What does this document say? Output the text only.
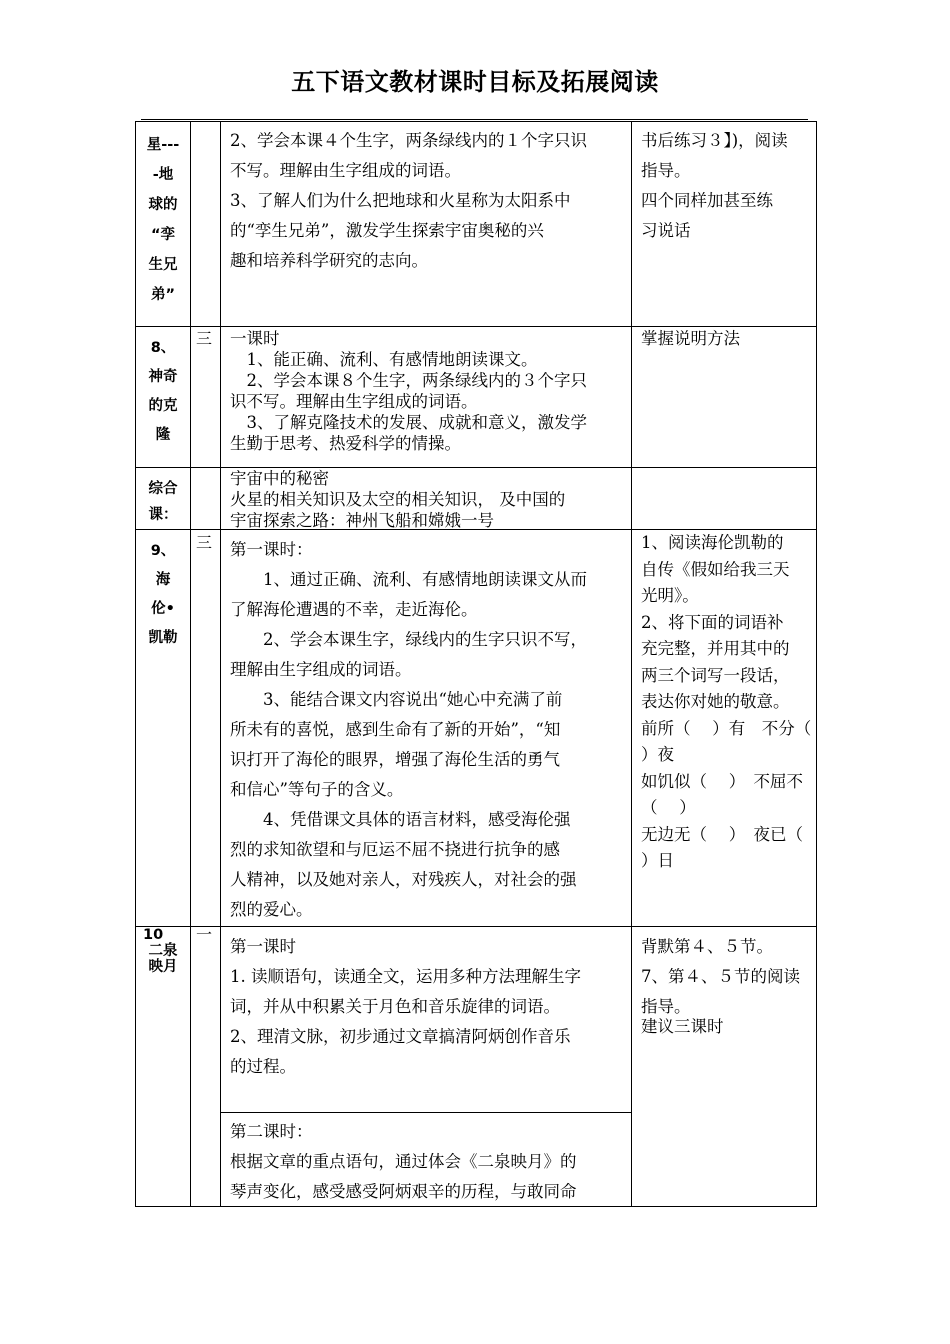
五下语文教材课时目标及拓展阅读
星---
-地
球的
“孪
生兄
弟”
2、学会本课４个生字，两条绿线内的１个字只识
不写。理解由生字组成的词语。
3、了解人们为什么把地球和火星称为太阳系中
的“孪生兄弟”，激发学生探索宇宙奥秘的兴
趣和培养科学研究的志向。
书后练习３】)，阅读
指导。
四个同样加甚至练
习说话
8、
神奇
的克
隆
三 一课时
　1、能正确、流利、有感情地朗读课文。
　2、学会本课８个生字，两条绿线内的３个字只
识不写。理解由生字组成的词语。
　3、了解克隆技术的发展、成就和意义，激发学
生勤于思考、热爱科学的情操。
掌握说明方法
综合
课：
宇宙中的秘密
火星的相关知识及太空的相关知识， 及中国的
宇宙探索之路：神州飞船和嫦娥一号
9、
海
伦•
凯勒
三 第一课时：
　　1、通过正确、流利、有感情地朗读课文从而
了解海伦遭遇的不幸，走近海伦。
　　2、学会本课生字，绿线内的生字只识不写，
理解由生字组成的词语。
　　3、能结合课文内容说出“她心中充满了前
所未有的喜悦，感到生命有了新的开始”，“知
识打开了海伦的眼界，增强了海伦生活的勇气
和信心”等句子的含义。
　　4、凭借课文具体的语言材料，感受海伦强
烈的求知欲望和与厄运不屈不挠进行抗争的感
人精神，以及她对亲人，对残疾人，对社会的强
烈的爱心。
1、阅读海伦凯勒的
自传《假如给我三天
光明》。
2、将下面的词语补
充完整，并用其中的
两三个词写一段话，
表达你对她的敬意。
前所（　 ）有　不分（
）夜
如饥似（　 ）　不屈不
（　 ）
无边无（　 ）　夜已（
）日
10
二泉
映月
一
第一课时
1. 读顺语句，读通全文，运用多种方法理解生字
词，并从中积累关于月色和音乐旋律的词语。
2、理清文脉，初步通过文章搞清阿炳创作音乐
的过程。
第二课时：
根据文章的重点语句，通过体会《二泉映月》的
琴声变化，感受感受阿炳艰辛的历程，与敢同命
背默第４、５节。
7、第４、５节的阅读
指导。
建议三课时
